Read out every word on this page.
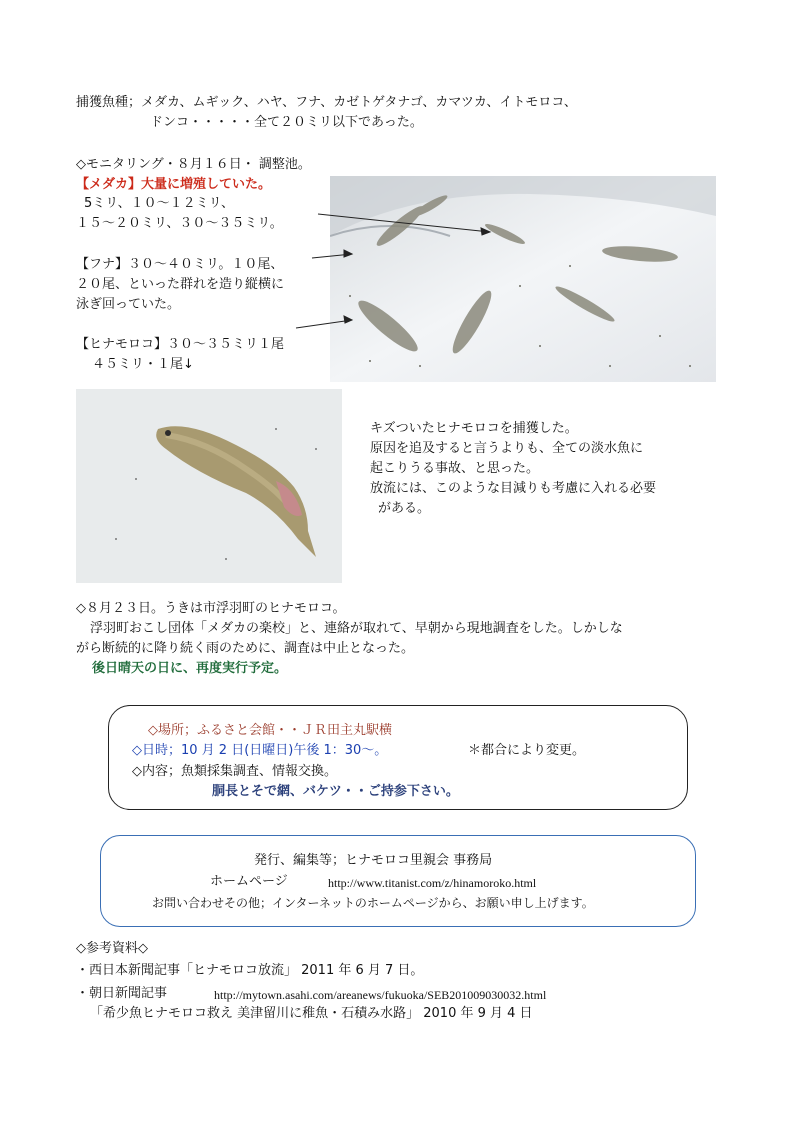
捕獲魚種；メダカ、ムギック、ハヤ、フナ、カゼトゲタナゴ、カマツカ、イトモロコ、
ドンコ・・・・・全て２０ミリ以下であった。
◇モニタリング・８月１６日・ 調整池。
【メダカ】大量に増殖していた。
5ミリ、１０～１２ミリ、
１５～２０ミリ、３０～３５ミリ。
【フナ】３０～４０ミリ。１０尾、
２０尾、といった群れを造り縦横に
泳ぎ回っていた。
【ヒナモロコ】３０～３５ミリ１尾
４５ミリ・１尾↓
キズついたヒナモロコを捕獲した。
原因を追及すると言うよりも、全ての淡水魚に
起こりうる事故、と思った。
放流には、このような目減りも考慮に入れる必要
がある。
◇８月２３日。うきは市浮羽町のヒナモロコ。
浮羽町おこし団体「メダカの楽校」と、連絡が取れて、早朝から現地調査をした。しかしな
がら断続的に降り続く雨のために、調査は中止となった。
後日晴天の日に、再度実行予定。
◇場所；ふるさと会館・・ＪＲ田主丸駅横
◇日時；10 月 2 日(日曜日)午後 1：30～。	＊都合により変更。
◇内容；魚類採集調査、情報交換。
胴長とそで網、バケツ・・ご持参下さい。
発行、編集等；ヒナモロコ里親会 事務局
ホームページ	http://www.titanist.com/z/hinamoroko.html
お問い合わせその他；インターネットのホームページから、お願い申し上げます。
◇参考資料◇
・西日本新聞記事「ヒナモロコ放流」 2011 年 6 月 7 日。
・朝日新聞記事	http://mytown.asahi.com/areanews/fukuoka/SEB201009030032.html
「希少魚ヒナモロコ救え 美津留川に稚魚・石積み水路」 2010 年 9 月 4 日
